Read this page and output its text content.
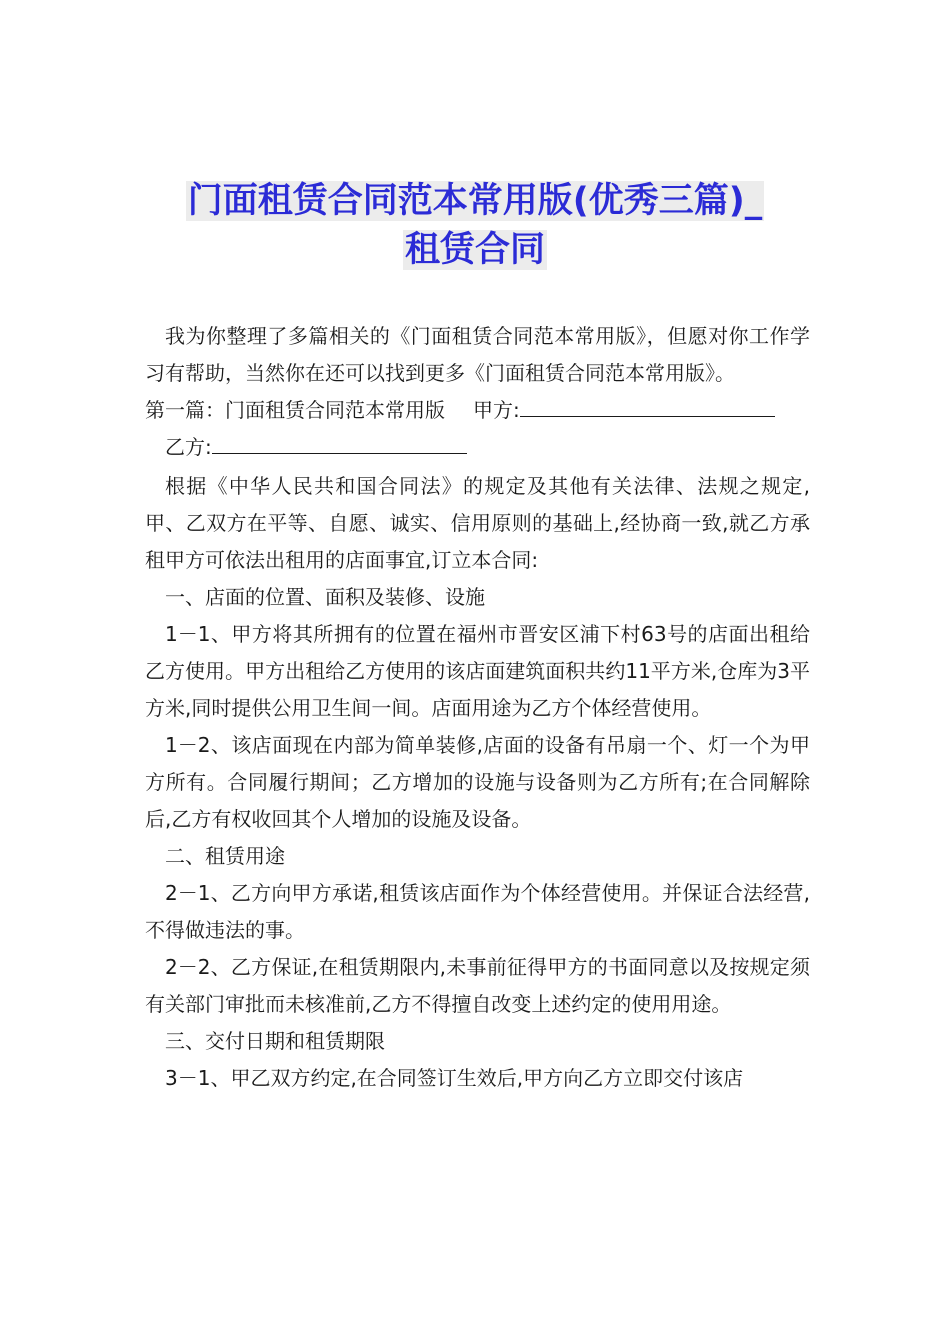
门面租赁合同范本常用版(优秀三篇)_
租赁合同

我为你整理了多篇相关的《门面租赁合同范本常用版》，但愿对你工作学习有帮助，当然你在还可以找到更多《门面租赁合同范本常用版》。

第一篇：门面租赁合同范本常用版 甲方:
乙方:

根据《中华人民共和国合同法》的规定及其他有关法律、法规之规定,甲、乙双方在平等、自愿、诚实、信用原则的基础上,经协商一致,就乙方承租甲方可依法出租用的店面事宜,订立本合同:

一、店面的位置、面积及装修、设施

1－1、甲方将其所拥有的位置在福州市晋安区浦下村63号的店面出租给乙方使用。甲方出租给乙方使用的该店面建筑面积共约11平方米,仓库为3平方米,同时提供公用卫生间一间。店面用途为乙方个体经营使用。

1－2、该店面现在内部为简单装修,店面的设备有吊扇一个、灯一个为甲方所有。合同履行期间；乙方增加的设施与设备则为乙方所有;在合同解除后,乙方有权收回其个人增加的设施及设备。

二、租赁用途

2－1、乙方向甲方承诺,租赁该店面作为个体经营使用。并保证合法经营,不得做违法的事。

2－2、乙方保证,在租赁期限内,未事前征得甲方的书面同意以及按规定须有关部门审批而未核准前,乙方不得擅自改变上述约定的使用用途。

三、交付日期和租赁期限

3－1、甲乙双方约定,在合同签订生效后,甲方向乙方立即交付该店
